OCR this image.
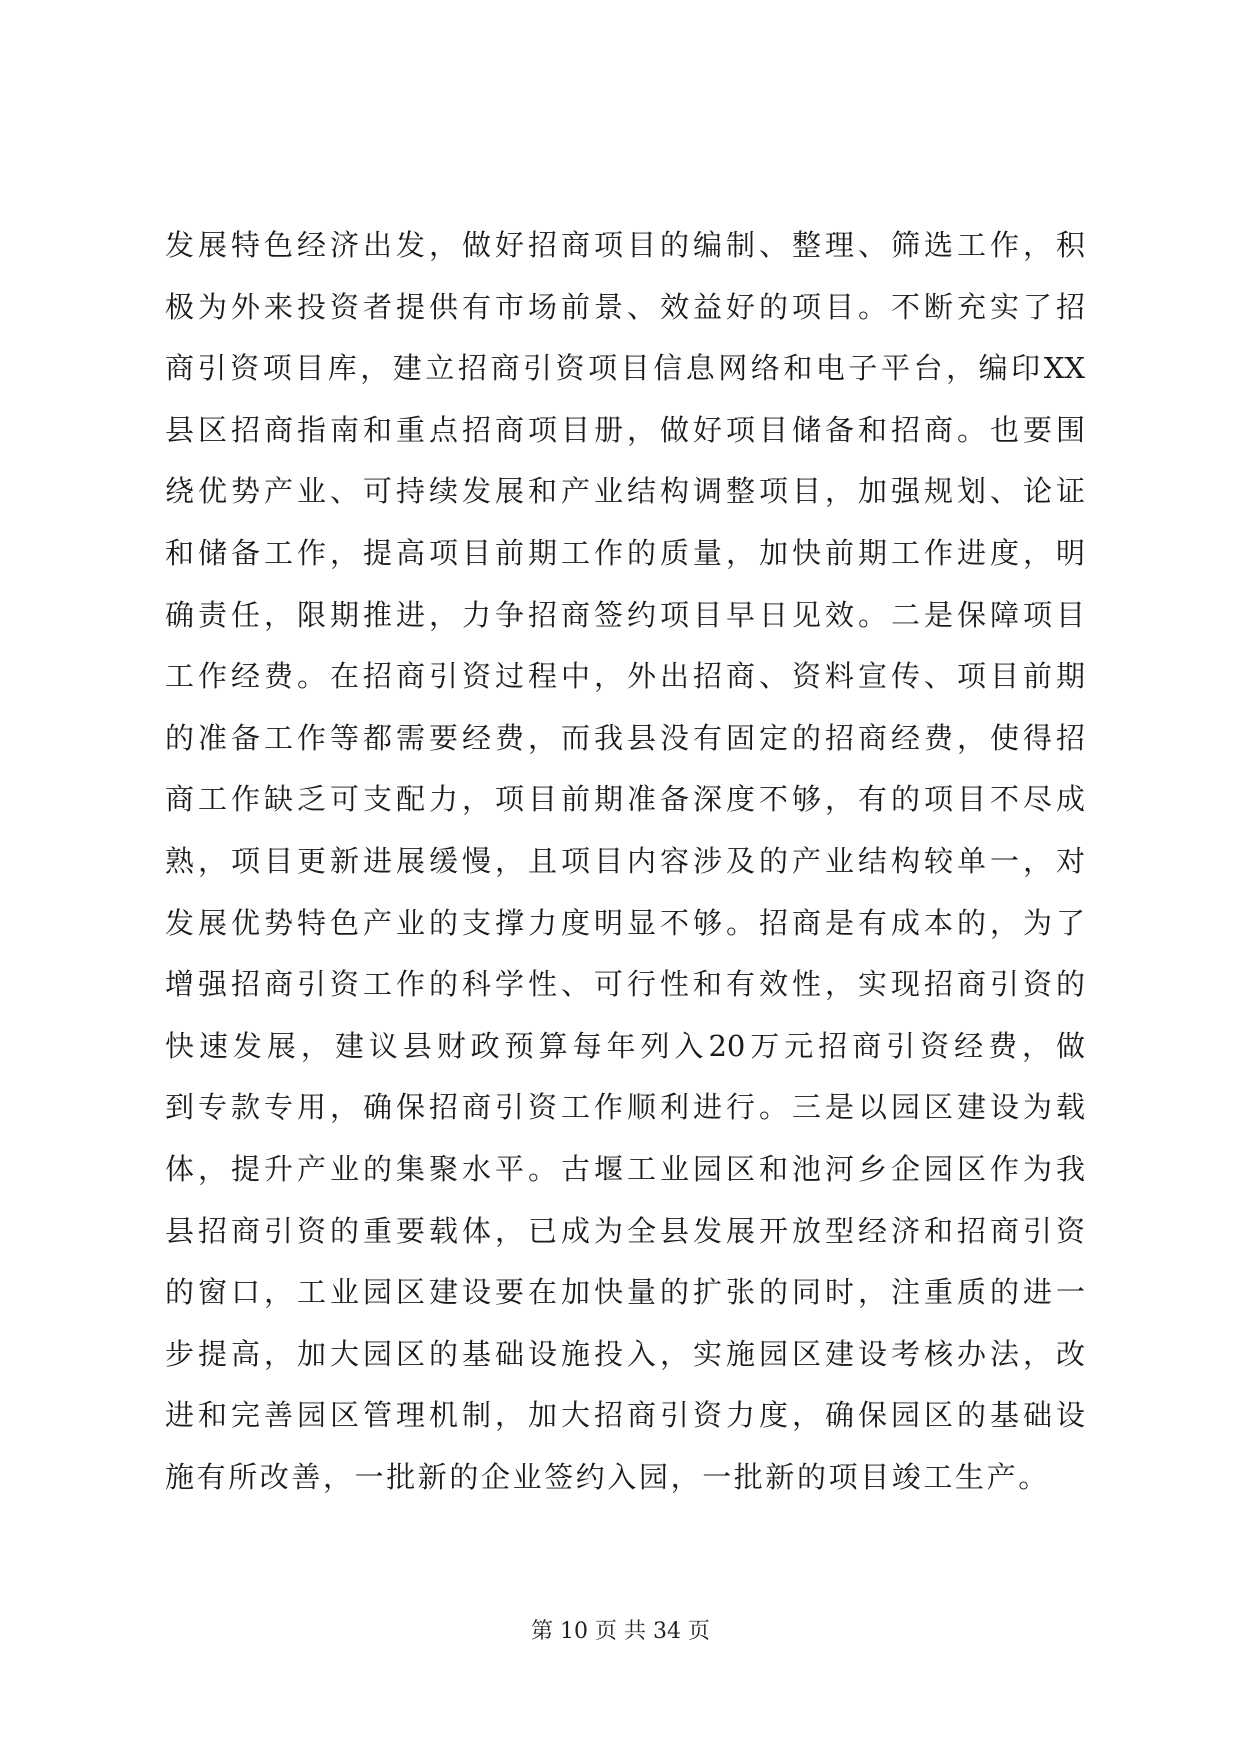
发展特色经济出发，做好招商项目的编制、整理、筛选工作，积
极为外来投资者提供有市场前景、效益好的项目。不断充实了招
商引资项目库，建立招商引资项目信息网络和电子平台，编印XX
县区招商指南和重点招商项目册，做好项目储备和招商。也要围
绕优势产业、可持续发展和产业结构调整项目，加强规划、论证
和储备工作，提高项目前期工作的质量，加快前期工作进度，明
确责任，限期推进，力争招商签约项目早日见效。二是保障项目
工作经费。在招商引资过程中，外出招商、资料宣传、项目前期
的准备工作等都需要经费，而我县没有固定的招商经费，使得招
商工作缺乏可支配力，项目前期准备深度不够，有的项目不尽成
熟，项目更新进展缓慢，且项目内容涉及的产业结构较单一，对
发展优势特色产业的支撑力度明显不够。招商是有成本的，为了
增强招商引资工作的科学性、可行性和有效性，实现招商引资的
快速发展，建议县财政预算每年列入20万元招商引资经费，做
到专款专用，确保招商引资工作顺利进行。三是以园区建设为载
体，提升产业的集聚水平。古堰工业园区和池河乡企园区作为我
县招商引资的重要载体，已成为全县发展开放型经济和招商引资
的窗口，工业园区建设要在加快量的扩张的同时，注重质的进一
步提高，加大园区的基础设施投入，实施园区建设考核办法，改
进和完善园区管理机制，加大招商引资力度，确保园区的基础设
施有所改善，一批新的企业签约入园，一批新的项目竣工生产。
第 10 页 共 34 页
